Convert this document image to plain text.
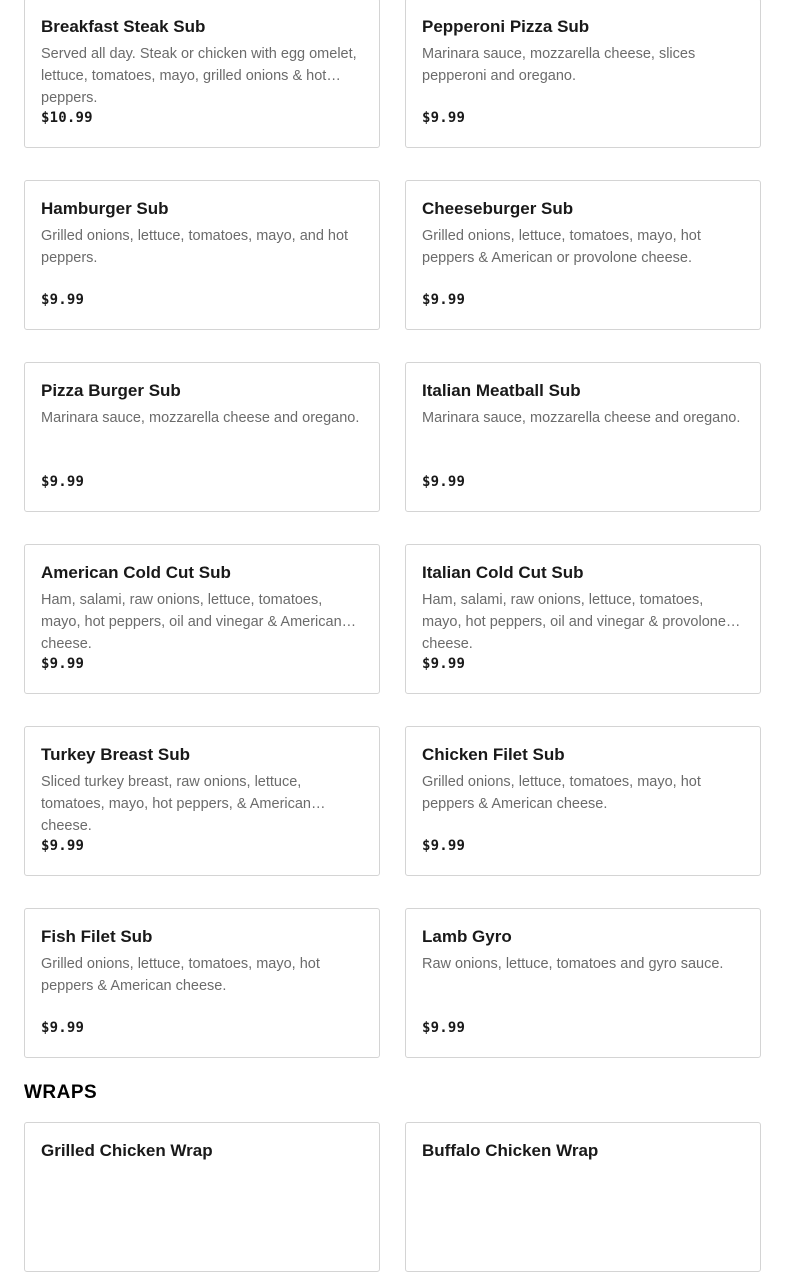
Breakfast Steak Sub
Served all day. Steak or chicken with egg omelet, lettuce, tomatoes, mayo, grilled onions & hot peppers.
$10.99
Pepperoni Pizza Sub
Marinara sauce, mozzarella cheese, slices pepperoni and oregano.
$9.99
Hamburger Sub
Grilled onions, lettuce, tomatoes, mayo, and hot peppers.
$9.99
Cheeseburger Sub
Grilled onions, lettuce, tomatoes, mayo, hot peppers & American or provolone cheese.
$9.99
Pizza Burger Sub
Marinara sauce, mozzarella cheese and oregano.
$9.99
Italian Meatball Sub
Marinara sauce, mozzarella cheese and oregano.
$9.99
American Cold Cut Sub
Ham, salami, raw onions, lettuce, tomatoes, mayo, hot peppers, oil and vinegar & American cheese.
$9.99
Italian Cold Cut Sub
Ham, salami, raw onions, lettuce, tomatoes, mayo, hot peppers, oil and vinegar & provolone cheese.
$9.99
Turkey Breast Sub
Sliced turkey breast, raw onions, lettuce, tomatoes, mayo, hot peppers, & American cheese.
$9.99
Chicken Filet Sub
Grilled onions, lettuce, tomatoes, mayo, hot peppers & American cheese.
$9.99
Fish Filet Sub
Grilled onions, lettuce, tomatoes, mayo, hot peppers & American cheese.
$9.99
Lamb Gyro
Raw onions, lettuce, tomatoes and gyro sauce.
$9.99
WRAPS
Grilled Chicken Wrap	Buffalo Chicken Wrap
